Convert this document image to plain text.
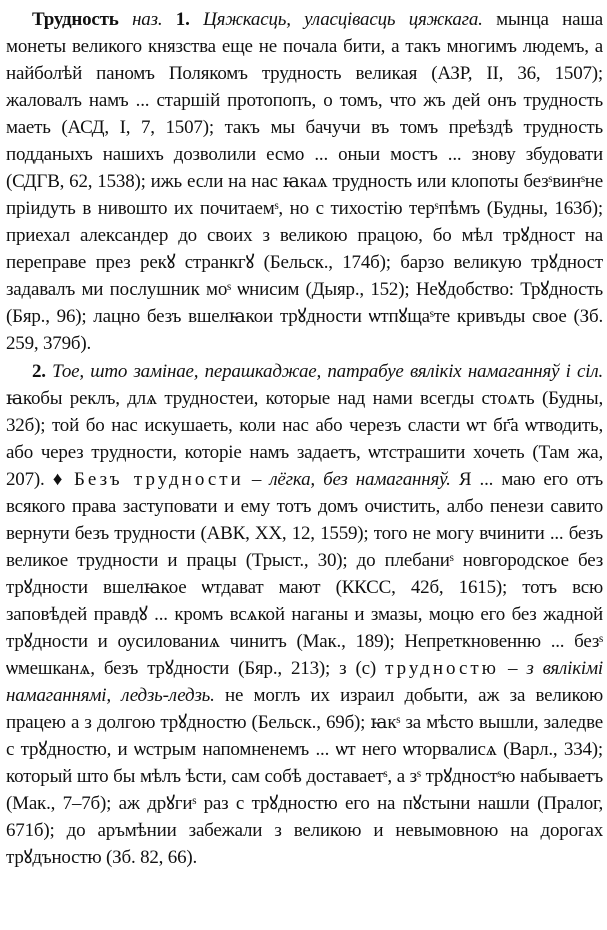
Трудность наз. 1. Цяжкасць, уласцівасць цяжкага. мынца наша монеты великого князства еще не почала бити, а такъ многимъ людемъ, а найболѣй паномъ Полякомъ трудность великая (АЗР, II, 36, 1507); жаловалъ намъ ... старшій протопопъ, о томъ, что жъ дей онъ трудность маеть (АСД, I, 7, 1507); такъ мы бачучи въ томъ преѣздѣ трудность подданыхъ нашихъ дозволили есмо ... оныи мостъ ... знову збудовати (СДГВ, 62, 1538); ижь если на нас ꙗкаѧ трудность или клопоты безˢвинˢне прiидуть в нивошто их почитаемˢ, но с тихостiю терˢпѣмъ (Будны, 163б); приехал александер до своих з великою працою, бо мѣл трꙋдност на переправе през рекꙋ странкгꙋ (Бельск., 174б); барзо великую трꙋдност задавалъ ми послушник моˢ ѡнисим (Дыяр., 152); Неꙋдобство: Трꙋдность (Бяр., 96); лацно безъ вшелꙗкои трꙋдности ѡтпꙋщаˢте кривъды свое (Зб. 259, 379б).

2. Тое, што замінае, перашкаджае, патрабуе вялікіх намаганняў і сіл. ꙗкобы реклъ, длѧ трудностеи, которые над нами всегды стоѧть (Будны, 32б); той бо нас искушаеть, коли нас або черезъ сласти ѡт бг҃а ѡтводить, або через трудности, которіе намъ задаетъ, ѡтстрашити хочеть (Там жа, 207). ♦ Безъ трудности – лёгка, без намаганняў. Я ... маю его отъ всякого права заступовати и ему тотъ домъ очистить, албо пенези савито вернути безъ трудности (АВК, XX, 12, 1559); того не могу вчинити ... безъ великое трудности и працы (Трыст., 30); до плебаниˢ новгородское без трꙋдности вшелꙗкое ѡтдават мают (ККСС, 42б, 1615); тотъ всю заповѣдей правдꙋ ... кромъ всѧкой наганы и змазы, моцю его без жадной трꙋдности и оусилованиѧ чинитъ (Мак., 189); Непреткновенню ... безˢ ѡмешканѧ, безъ трꙋдности (Бяр., 213); з (с) трудностю – з вялікімі намаганнямі, ледзь-ледзь. не моглъ их израил добыти, аж за великою працею а з долгою трꙋдностю (Бельск., 69б); ꙗкˢ за мѣсто вышли, заледве с трꙋдностю, и ѡстрым напомненемъ ... ѡт него ѡторвалисѧ (Варл., 334); который што бы мѣлъ ѣсти, сам собѣ доставаетˢ, а зˢ трꙋдностˢю набываетъ (Мак., 7–7б); аж дрꙋгиˢ раз с трꙋдностю его на пꙋстыни нашли (Пралог, 671б); до аръмѣнии забежали з великою и невымовною на дорогах трꙋдъностю (Зб. 82, 66).
